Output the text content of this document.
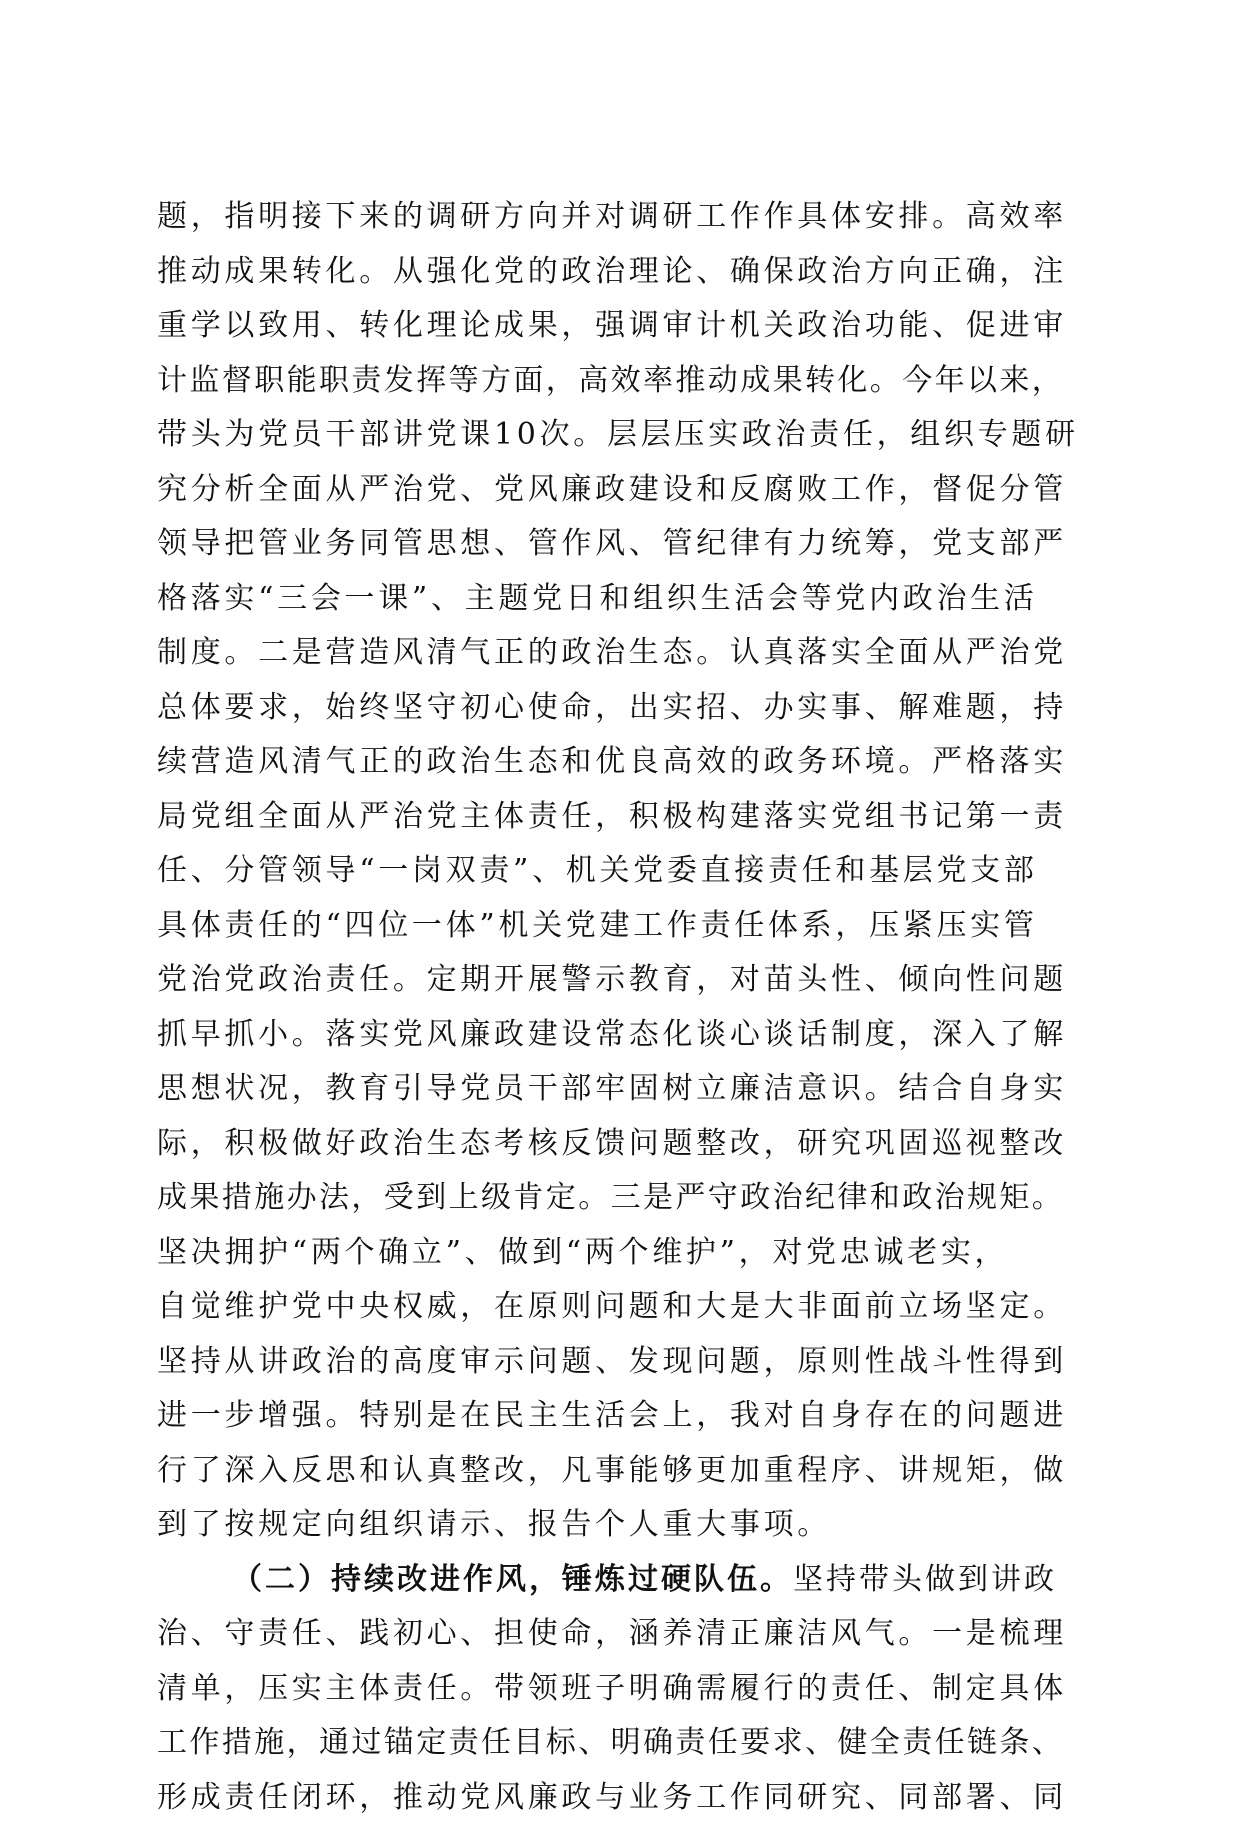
题，指明接下来的调研方向并对调研工作作具体安排。高效率
推动成果转化。从强化党的政治理论、确保政治方向正确，注
重学以致用、转化理论成果，强调审计机关政治功能、促进审
计监督职能职责发挥等方面，高效率推动成果转化。今年以来，
带头为党员干部讲党课10次。层层压实政治责任，组织专题研
究分析全面从严治党、党风廉政建设和反腐败工作，督促分管
领导把管业务同管思想、管作风、管纪律有力统筹，党支部严
格落实“三会一课”、主题党日和组织生活会等党内政治生活
制度。二是营造风清气正的政治生态。认真落实全面从严治党
总体要求，始终坚守初心使命，出实招、办实事、解难题，持
续营造风清气正的政治生态和优良高效的政务环境。严格落实
局党组全面从严治党主体责任，积极构建落实党组书记第一责
任、分管领导“一岗双责”、机关党委直接责任和基层党支部
具体责任的“四位一体”机关党建工作责任体系，压紧压实管
党治党政治责任。定期开展警示教育，对苗头性、倾向性问题
抓早抓小。落实党风廉政建设常态化谈心谈话制度，深入了解
思想状况，教育引导党员干部牢固树立廉洁意识。结合自身实
际，积极做好政治生态考核反馈问题整改，研究巩固巡视整改
成果措施办法，受到上级肯定。三是严守政治纪律和政治规矩。
坚决拥护“两个确立”、做到“两个维护”，对党忠诚老实，
自觉维护党中央权威，在原则问题和大是大非面前立场坚定。
坚持从讲政治的高度审示问题、发现问题，原则性战斗性得到
进一步增强。特别是在民主生活会上，我对自身存在的问题进
行了深入反思和认真整改，凡事能够更加重程序、讲规矩，做
到了按规定向组织请示、报告个人重大事项。
（二）持续改进作风，锤炼过硬队伍。坚持带头做到讲政
治、守责任、践初心、担使命，涵养清正廉洁风气。一是梳理
清单，压实主体责任。带领班子明确需履行的责任、制定具体
工作措施，通过锚定责任目标、明确责任要求、健全责任链条、
形成责任闭环，推动党风廉政与业务工作同研究、同部署、同
